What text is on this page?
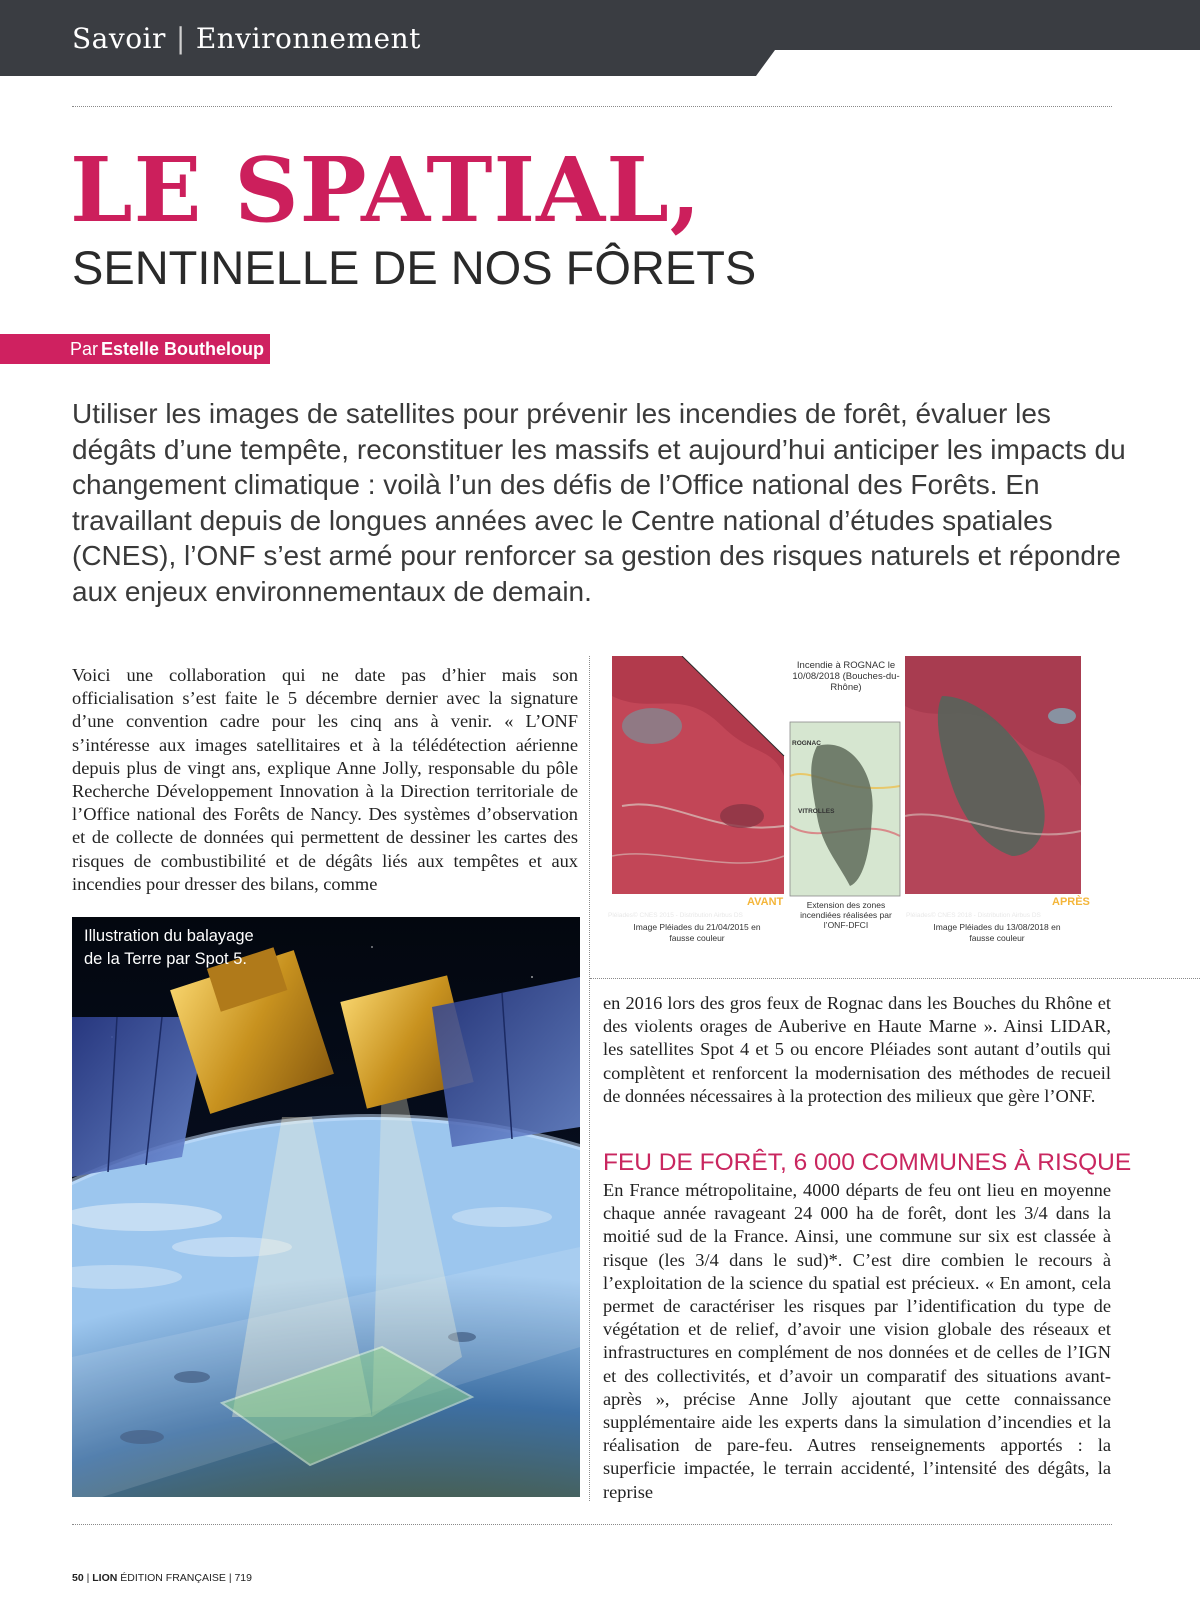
Savoir | Environnement
LE SPATIAL,
SENTINELLE DE NOS FÔRETS
Par Estelle Boutheloup

Utiliser les images de satellites pour prévenir les incendies de forêt, évaluer les dégâts d’une tempête, reconstituer les massifs et aujourd’hui anticiper les impacts du changement climatique : voilà l’un des défis de l’Office national des Forêts. En travaillant depuis de longues années avec le Centre national d’études spatiales (CNES), l’ONF s’est armé pour renforcer sa gestion des risques naturels et répondre aux enjeux environnementaux de demain.

Voici une collaboration qui ne date pas d’hier mais son officialisation s’est faite le 5 décembre dernier avec la signature d’une convention cadre pour les cinq ans à venir. « L’ONF s’intéresse aux images satellitaires et à la télédétection aérienne depuis plus de vingt ans, explique Anne Jolly, responsable du pôle Recherche Développement Innovation à la Direction territoriale de l’Office national des Forêts de Nancy. Des systèmes d’observation et de collecte de données qui permettent de dessiner les cartes des risques de combustibilité et de dégâts liés aux tempêtes et aux incendies pour dresser des bilans, comme

Illustration du balayage de la Terre par Spot 5.

Incendie à ROGNAC le 10/08/2018 (Bouches-du-Rhône)
ROGNAC
VITROLLES
Extension des zones incendiées réalisées par l’ONF-DFCI
AVANT	APRÈS
Pléiades© CNES 2015 - Distribution Airbus DS	Pléiades© CNES 2018 - Distribution Airbus DS
Image Pléiades du 21/04/2015 en fausse couleur
Image Pléiades du 13/08/2018 en fausse couleur

en 2016 lors des gros feux de Rognac dans les Bouches du Rhône et des violents orages de Auberive en Haute Marne ». Ainsi LIDAR, les satellites Spot 4 et 5 ou encore Pléiades sont autant d’outils qui complètent et renforcent la modernisation des méthodes de recueil de données nécessaires à la protection des milieux que gère l’ONF.

FEU DE FORÊT, 6 000 COMMUNES À RISQUE

En France métropolitaine, 4000 départs de feu ont lieu en moyenne chaque année ravageant 24 000 ha de forêt, dont les 3/4 dans la moitié sud de la France. Ainsi, une commune sur six est classée à risque (les 3/4 dans le sud)*. C’est dire combien le recours à l’exploitation de la science du spatial est précieux. « En amont, cela permet de caractériser les risques par l’identification du type de végétation et de relief, d’avoir une vision globale des réseaux et infrastructures en complément de nos données et de celles de l’IGN et des collectivités, et d’avoir un comparatif des situations avant-après », précise Anne Jolly ajoutant que cette connaissance supplémentaire aide les experts dans la simulation d’incendies et la réalisation de pare-feu. Autres renseignements apportés : la superficie impactée, le terrain accidenté, l’intensité des dégâts, la reprise

50 | LION ÉDITION FRANÇAISE | 719
